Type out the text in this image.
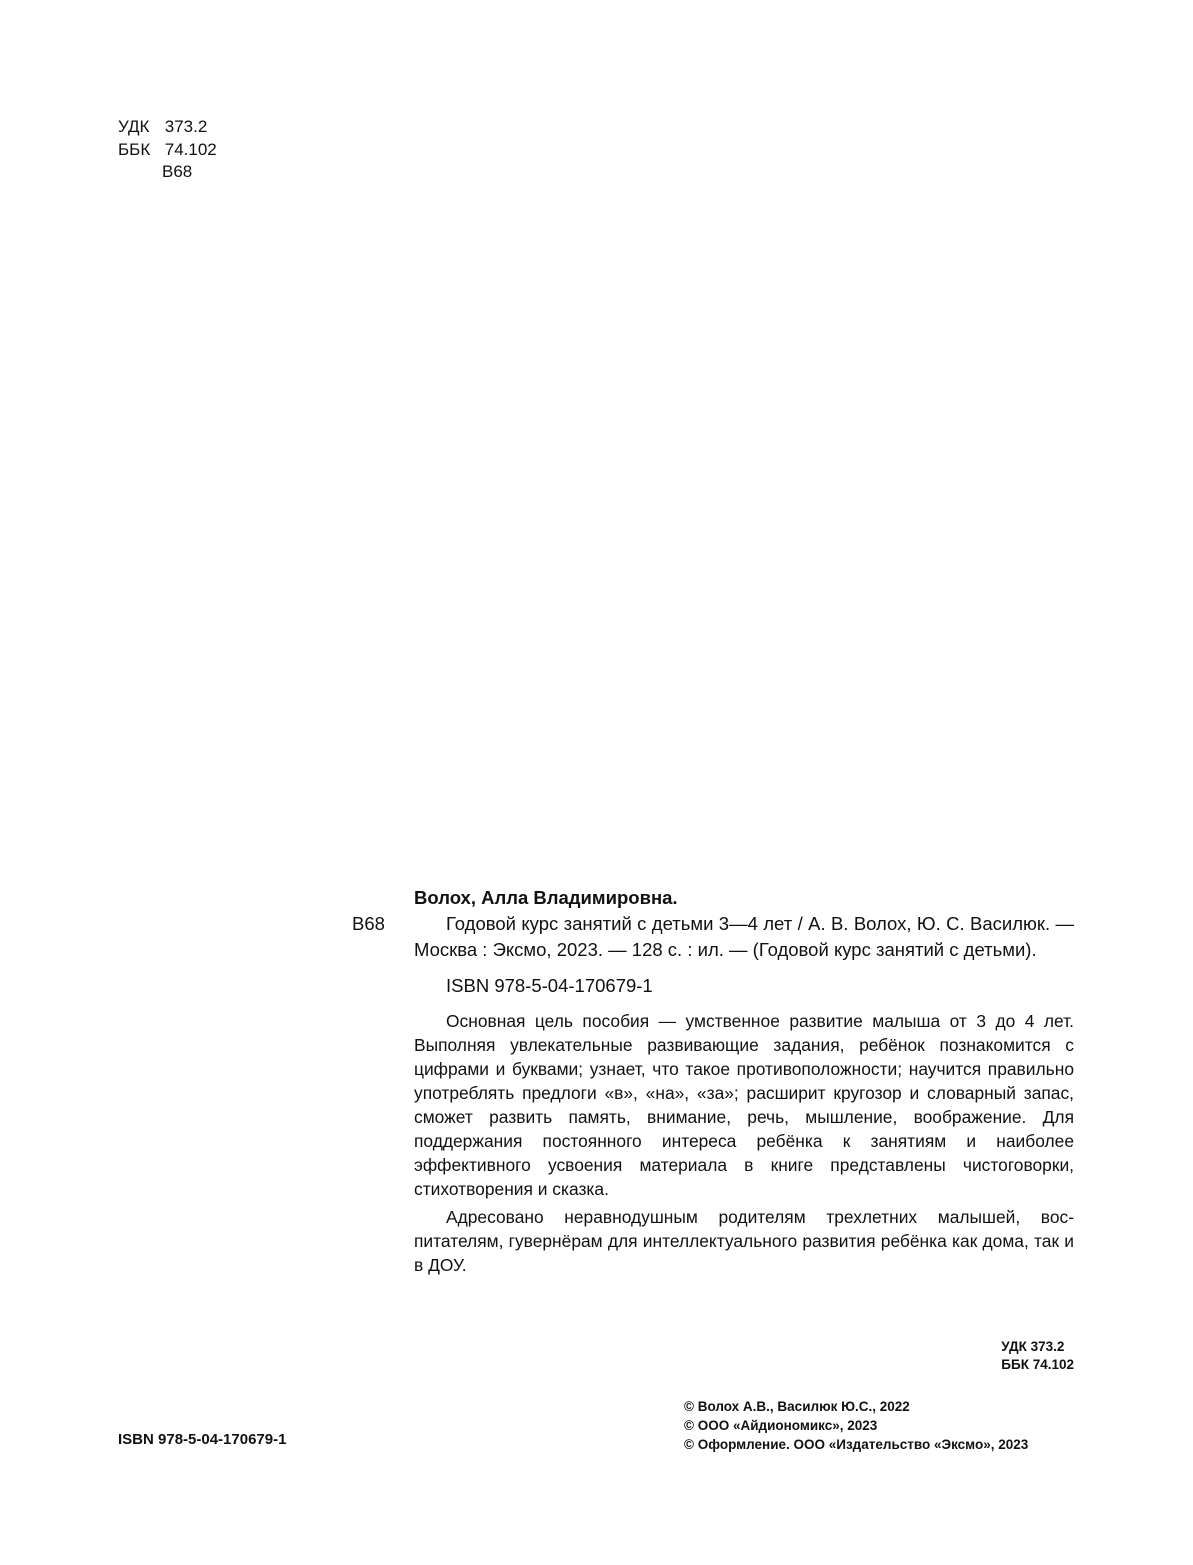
УДК 373.2
ББК 74.102
В68
Волох, Алла Владимировна.
В68	Годовой курс занятий с детьми 3—4 лет / А. В. Волох, Ю. С. Василюк. — Москва : Эксмо, 2023. — 128 с. : ил. — (Годовой курс занятий с детьми).
ISBN 978-5-04-170679-1
Основная цель пособия — умственное развитие малыша от 3 до 4 лет. Выполняя увлекательные развивающие задания, ребёнок познакомится с цифрами и буквами; узнает, что такое противоположности; научится правильно употреблять предлоги «в», «на», «за»; расширит кругозор и словарный запас, сможет развить память, внимание, речь, мышление, воображение. Для поддержания постоянного интереса ребёнка к занятиям и наиболее эффективного усвоения материала в книге представлены чистоговорки, стихотворения и сказка.
Адресовано неравнодушным родителям трехлетних малышей, воспитателям, гувернёрам для интеллектуального развития ребёнка как дома, так и в ДОУ.
УДК 373.2
ББК 74.102
ISBN 978-5-04-170679-1
© Волох А.В., Василюк Ю.С., 2022
© ООО «Айдиономикс», 2023
© Оформление. ООО «Издательство «Эксмо», 2023
